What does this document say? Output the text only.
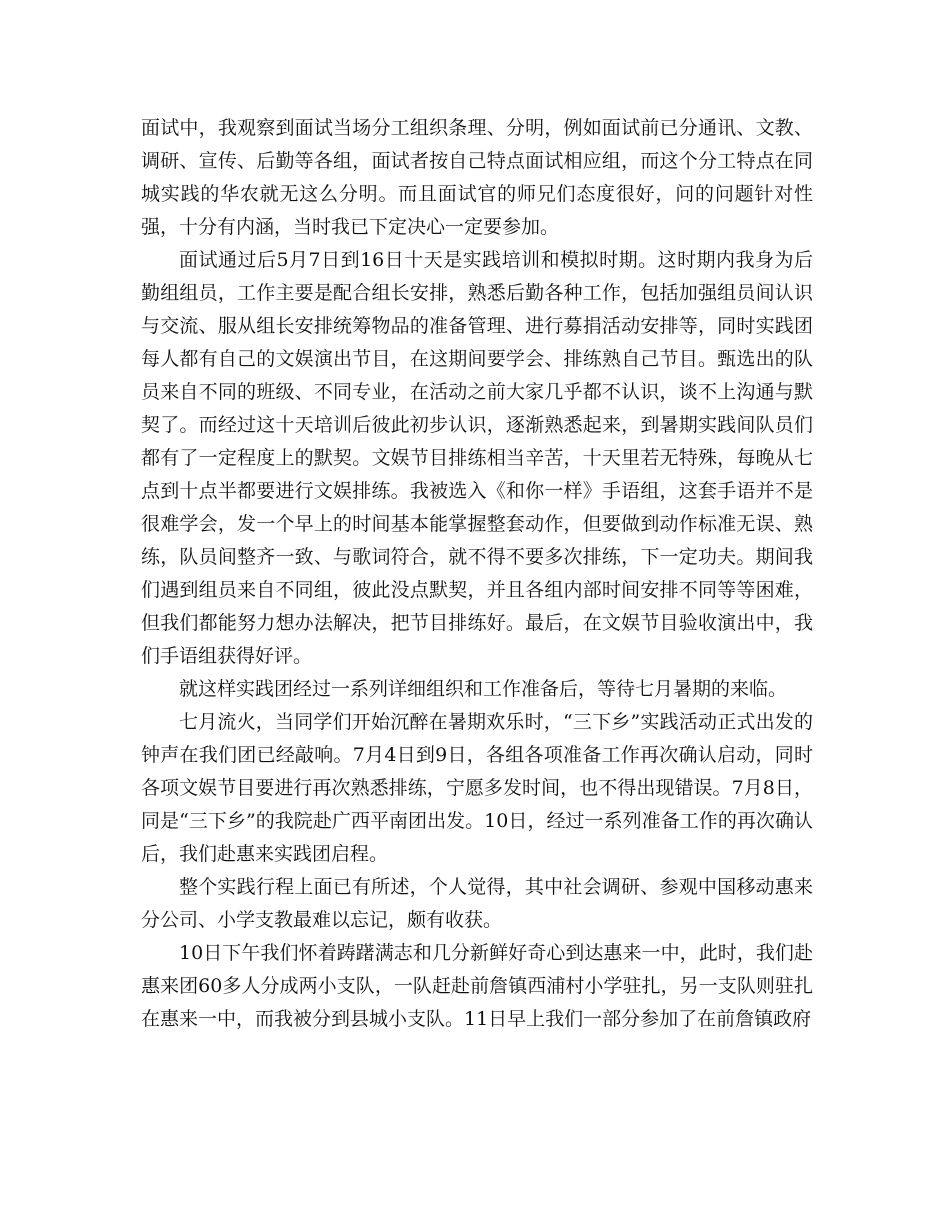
面试中，我观察到面试当场分工组织条理、分明，例如面试前已分通讯、文教、调研、宣传、后勤等各组，面试者按自己特点面试相应组，而这个分工特点在同城实践的华农就无这么分明。而且面试官的师兄们态度很好，问的问题针对性强，十分有内涵，当时我已下定决心一定要参加。

面试通过后5月7日到16日十天是实践培训和模拟时期。这时期内我身为后勤组组员，工作主要是配合组长安排，熟悉后勤各种工作，包括加强组员间认识与交流、服从组长安排统筹物品的准备管理、进行募捐活动安排等，同时实践团每人都有自己的文娱演出节目，在这期间要学会、排练熟自己节目。甄选出的队员来自不同的班级、不同专业，在活动之前大家几乎都不认识，谈不上沟通与默契了。而经过这十天培训后彼此初步认识，逐渐熟悉起来，到暑期实践间队员们都有了一定程度上的默契。文娱节目排练相当辛苦，十天里若无特殊，每晚从七点到十点半都要进行文娱排练。我被选入《和你一样》手语组，这套手语并不是很难学会，发一个早上的时间基本能掌握整套动作，但要做到动作标准无误、熟练，队员间整齐一致、与歌词符合，就不得不要多次排练，下一定功夫。期间我们遇到组员来自不同组，彼此没点默契，并且各组内部时间安排不同等等困难，但我们都能努力想办法解决，把节目排练好。最后，在文娱节目验收演出中，我们手语组获得好评。

就这样实践团经过一系列详细组织和工作准备后，等待七月暑期的来临。

七月流火，当同学们开始沉醉在暑期欢乐时，“三下乡”实践活动正式出发的钟声在我们团已经敲响。7月4日到9日，各组各项准备工作再次确认启动，同时各项文娱节目要进行再次熟悉排练，宁愿多发时间，也不得出现错误。7月8日，同是“三下乡”的我院赴广西平南团出发。10日，经过一系列准备工作的再次确认后，我们赴惠来实践团启程。

整个实践行程上面已有所述，个人觉得，其中社会调研、参观中国移动惠来分公司、小学支教最难以忘记，颇有收获。

10日下午我们怀着踌躇满志和几分新鲜好奇心到达惠来一中，此时，我们赴惠来团60多人分成两小支队，一队赶赴前詹镇西浦村小学驻扎，另一支队则驻扎在惠来一中，而我被分到县城小支队。11日早上我们一部分参加了在前詹镇政府
